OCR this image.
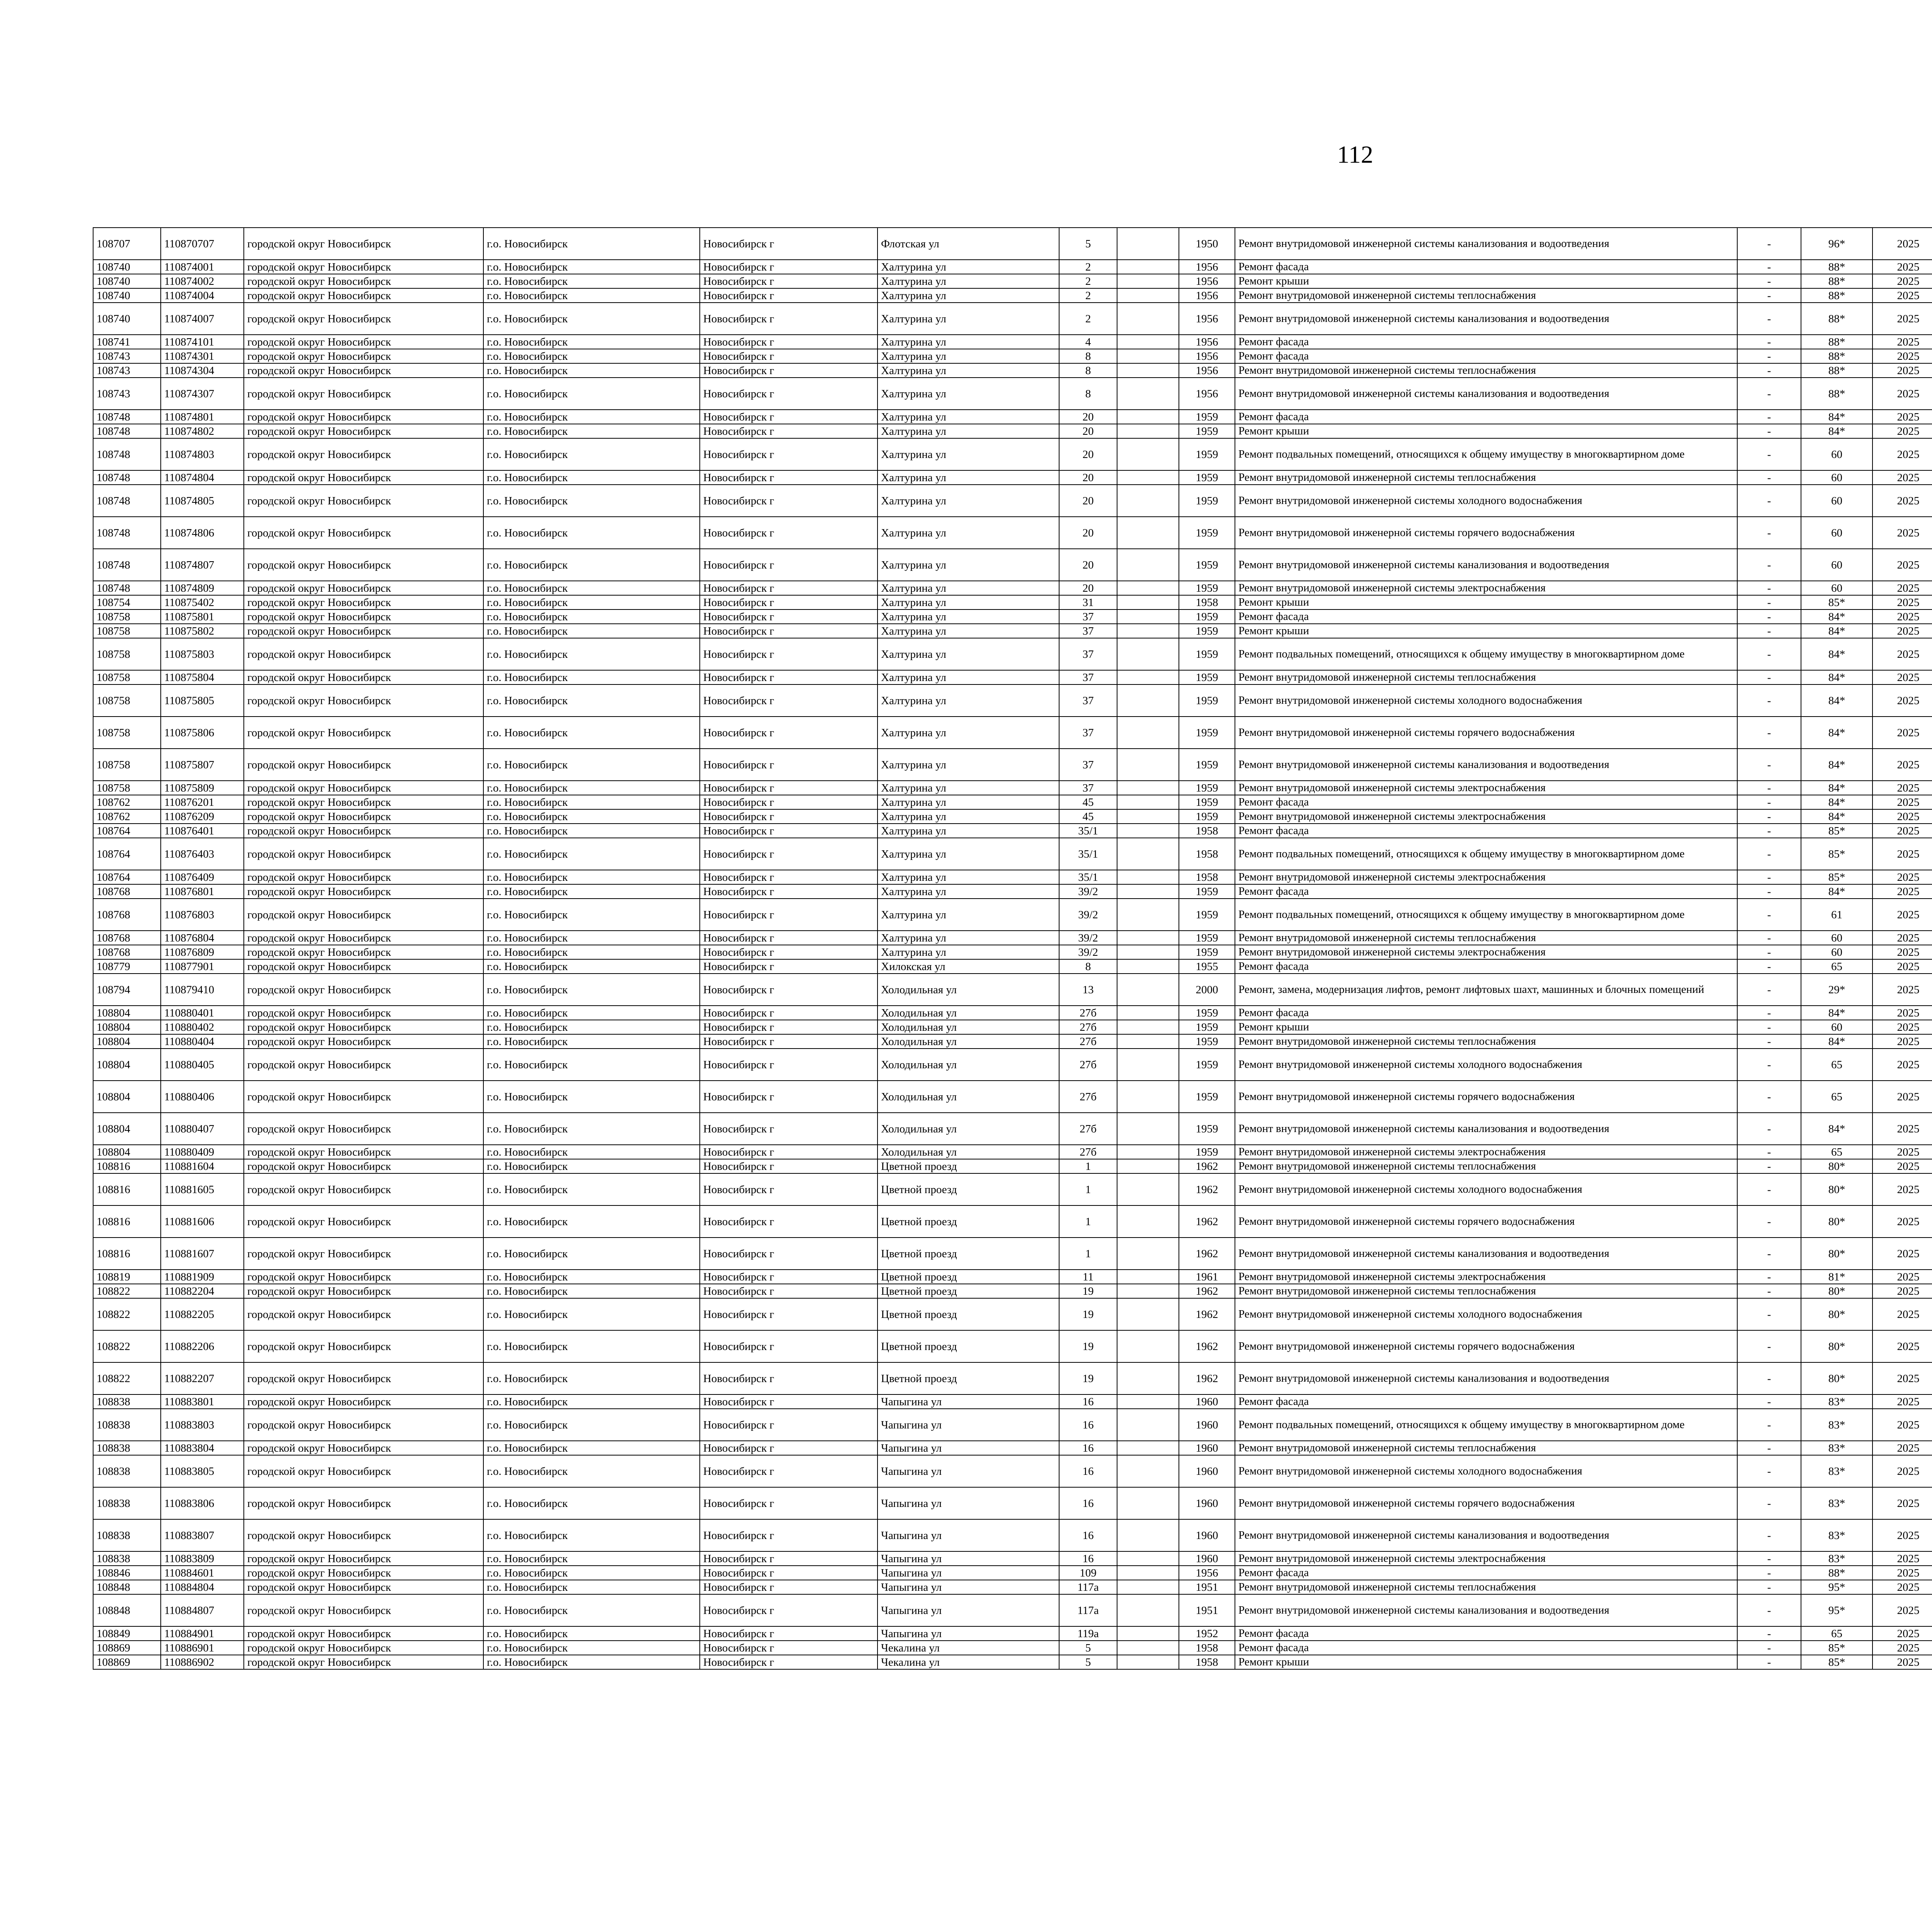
112
108707	110870707	городской округ Новосибирск	г.о. Новосибирск	Новосибирск г	Флотская ул	5		1950	Ремонт внутридомовой инженерной системы канализования и водоотведения	-	96*	2025						
108740	110874001	городской округ Новосибирск	г.о. Новосибирск	Новосибирск г	Халтурина ул	2		1956	Ремонт фасада	-	88*	2025						
108740	110874002	городской округ Новосибирск	г.о. Новосибирск	Новосибирск г	Халтурина ул	2		1956	Ремонт крыши	-	88*	2025						
108740	110874004	городской округ Новосибирск	г.о. Новосибирск	Новосибирск г	Халтурина ул	2		1956	Ремонт внутридомовой инженерной системы теплоснабжения	-	88*	2025						
108740	110874007	городской округ Новосибирск	г.о. Новосибирск	Новосибирск г	Халтурина ул	2		1956	Ремонт внутридомовой инженерной системы канализования и водоотведения	-	88*	2025						
108741	110874101	городской округ Новосибирск	г.о. Новосибирск	Новосибирск г	Халтурина ул	4		1956	Ремонт фасада	-	88*	2025						
108743	110874301	городской округ Новосибирск	г.о. Новосибирск	Новосибирск г	Халтурина ул	8		1956	Ремонт фасада	-	88*	2025						
108743	110874304	городской округ Новосибирск	г.о. Новосибирск	Новосибирск г	Халтурина ул	8		1956	Ремонт внутридомовой инженерной системы теплоснабжения	-	88*	2025						
108743	110874307	городской округ Новосибирск	г.о. Новосибирск	Новосибирск г	Халтурина ул	8		1956	Ремонт внутридомовой инженерной системы канализования и водоотведения	-	88*	2025						
108748	110874801	городской округ Новосибирск	г.о. Новосибирск	Новосибирск г	Халтурина ул	20		1959	Ремонт фасада	-	84*	2025						
108748	110874802	городской округ Новосибирск	г.о. Новосибирск	Новосибирск г	Халтурина ул	20		1959	Ремонт крыши	-	84*	2025						
108748	110874803	городской округ Новосибирск	г.о. Новосибирск	Новосибирск г	Халтурина ул	20		1959	Ремонт подвальных помещений, относящихся к общему имуществу в многоквартирном доме	-	60	2025						
108748	110874804	городской округ Новосибирск	г.о. Новосибирск	Новосибирск г	Халтурина ул	20		1959	Ремонт внутридомовой инженерной системы теплоснабжения	-	60	2025						
108748	110874805	городской округ Новосибирск	г.о. Новосибирск	Новосибирск г	Халтурина ул	20		1959	Ремонт внутридомовой инженерной системы холодного водоснабжения	-	60	2025						
108748	110874806	городской округ Новосибирск	г.о. Новосибирск	Новосибирск г	Халтурина ул	20		1959	Ремонт внутридомовой инженерной системы горячего водоснабжения	-	60	2025						
108748	110874807	городской округ Новосибирск	г.о. Новосибирск	Новосибирск г	Халтурина ул	20		1959	Ремонт внутридомовой инженерной системы канализования и водоотведения	-	60	2025						
108748	110874809	городской округ Новосибирск	г.о. Новосибирск	Новосибирск г	Халтурина ул	20		1959	Ремонт внутридомовой инженерной системы электроснабжения	-	60	2025						
108754	110875402	городской округ Новосибирск	г.о. Новосибирск	Новосибирск г	Халтурина ул	31		1958	Ремонт крыши	-	85*	2025						
108758	110875801	городской округ Новосибирск	г.о. Новосибирск	Новосибирск г	Халтурина ул	37		1959	Ремонт фасада	-	84*	2025						
108758	110875802	городской округ Новосибирск	г.о. Новосибирск	Новосибирск г	Халтурина ул	37		1959	Ремонт крыши	-	84*	2025						
108758	110875803	городской округ Новосибирск	г.о. Новосибирск	Новосибирск г	Халтурина ул	37		1959	Ремонт подвальных помещений, относящихся к общему имуществу в многоквартирном доме	-	84*	2025						
108758	110875804	городской округ Новосибирск	г.о. Новосибирск	Новосибирск г	Халтурина ул	37		1959	Ремонт внутридомовой инженерной системы теплоснабжения	-	84*	2025						
108758	110875805	городской округ Новосибирск	г.о. Новосибирск	Новосибирск г	Халтурина ул	37		1959	Ремонт внутридомовой инженерной системы холодного водоснабжения	-	84*	2025						
108758	110875806	городской округ Новосибирск	г.о. Новосибирск	Новосибирск г	Халтурина ул	37		1959	Ремонт внутридомовой инженерной системы горячего водоснабжения	-	84*	2025						
108758	110875807	городской округ Новосибирск	г.о. Новосибирск	Новосибирск г	Халтурина ул	37		1959	Ремонт внутридомовой инженерной системы канализования и водоотведения	-	84*	2025						
108758	110875809	городской округ Новосибирск	г.о. Новосибирск	Новосибирск г	Халтурина ул	37		1959	Ремонт внутридомовой инженерной системы электроснабжения	-	84*	2025						
108762	110876201	городской округ Новосибирск	г.о. Новосибирск	Новосибирск г	Халтурина ул	45		1959	Ремонт фасада	-	84*	2025						
108762	110876209	городской округ Новосибирск	г.о. Новосибирск	Новосибирск г	Халтурина ул	45		1959	Ремонт внутридомовой инженерной системы электроснабжения	-	84*	2025						
108764	110876401	городской округ Новосибирск	г.о. Новосибирск	Новосибирск г	Халтурина ул	35/1		1958	Ремонт фасада	-	85*	2025						
108764	110876403	городской округ Новосибирск	г.о. Новосибирск	Новосибирск г	Халтурина ул	35/1		1958	Ремонт подвальных помещений, относящихся к общему имуществу в многоквартирном доме	-	85*	2025						
108764	110876409	городской округ Новосибирск	г.о. Новосибирск	Новосибирск г	Халтурина ул	35/1		1958	Ремонт внутридомовой инженерной системы электроснабжения	-	85*	2025						
108768	110876801	городской округ Новосибирск	г.о. Новосибирск	Новосибирск г	Халтурина ул	39/2		1959	Ремонт фасада	-	84*	2025						
108768	110876803	городской округ Новосибирск	г.о. Новосибирск	Новосибирск г	Халтурина ул	39/2		1959	Ремонт подвальных помещений, относящихся к общему имуществу в многоквартирном доме	-	61	2025						
108768	110876804	городской округ Новосибирск	г.о. Новосибирск	Новосибирск г	Халтурина ул	39/2		1959	Ремонт внутридомовой инженерной системы теплоснабжения	-	60	2025						
108768	110876809	городской округ Новосибирск	г.о. Новосибирск	Новосибирск г	Халтурина ул	39/2		1959	Ремонт внутридомовой инженерной системы электроснабжения	-	60	2025						
108779	110877901	городской округ Новосибирск	г.о. Новосибирск	Новосибирск г	Хилокская ул	8		1955	Ремонт фасада	-	65	2025						
108794	110879410	городской округ Новосибирск	г.о. Новосибирск	Новосибирск г	Холодильная ул	13		2000	Ремонт, замена, модернизация лифтов, ремонт лифтовых шахт, машинных и блочных помещений	-	29*	2025						
108804	110880401	городской округ Новосибирск	г.о. Новосибирск	Новосибирск г	Холодильная ул	27б		1959	Ремонт фасада	-	84*	2025						
108804	110880402	городской округ Новосибирск	г.о. Новосибирск	Новосибирск г	Холодильная ул	27б		1959	Ремонт крыши	-	60	2025						
108804	110880404	городской округ Новосибирск	г.о. Новосибирск	Новосибирск г	Холодильная ул	27б		1959	Ремонт внутридомовой инженерной системы теплоснабжения	-	84*	2025						
108804	110880405	городской округ Новосибирск	г.о. Новосибирск	Новосибирск г	Холодильная ул	27б		1959	Ремонт внутридомовой инженерной системы холодного водоснабжения	-	65	2025						
108804	110880406	городской округ Новосибирск	г.о. Новосибирск	Новосибирск г	Холодильная ул	27б		1959	Ремонт внутридомовой инженерной системы горячего водоснабжения	-	65	2025						
108804	110880407	городской округ Новосибирск	г.о. Новосибирск	Новосибирск г	Холодильная ул	27б		1959	Ремонт внутридомовой инженерной системы канализования и водоотведения	-	84*	2025						
108804	110880409	городской округ Новосибирск	г.о. Новосибирск	Новосибирск г	Холодильная ул	27б		1959	Ремонт внутридомовой инженерной системы электроснабжения	-	65	2025						
108816	110881604	городской округ Новосибирск	г.о. Новосибирск	Новосибирск г	Цветной проезд	1		1962	Ремонт внутридомовой инженерной системы теплоснабжения	-	80*	2025						
108816	110881605	городской округ Новосибирск	г.о. Новосибирск	Новосибирск г	Цветной проезд	1		1962	Ремонт внутридомовой инженерной системы холодного водоснабжения	-	80*	2025						
108816	110881606	городской округ Новосибирск	г.о. Новосибирск	Новосибирск г	Цветной проезд	1		1962	Ремонт внутридомовой инженерной системы горячего водоснабжения	-	80*	2025						
108816	110881607	городской округ Новосибирск	г.о. Новосибирск	Новосибирск г	Цветной проезд	1		1962	Ремонт внутридомовой инженерной системы канализования и водоотведения	-	80*	2025						
108819	110881909	городской округ Новосибирск	г.о. Новосибирск	Новосибирск г	Цветной проезд	11		1961	Ремонт внутридомовой инженерной системы электроснабжения	-	81*	2025						
108822	110882204	городской округ Новосибирск	г.о. Новосибирск	Новосибирск г	Цветной проезд	19		1962	Ремонт внутридомовой инженерной системы теплоснабжения	-	80*	2025						
108822	110882205	городской округ Новосибирск	г.о. Новосибирск	Новосибирск г	Цветной проезд	19		1962	Ремонт внутридомовой инженерной системы холодного водоснабжения	-	80*	2025						
108822	110882206	городской округ Новосибирск	г.о. Новосибирск	Новосибирск г	Цветной проезд	19		1962	Ремонт внутридомовой инженерной системы горячего водоснабжения	-	80*	2025						
108822	110882207	городской округ Новосибирск	г.о. Новосибирск	Новосибирск г	Цветной проезд	19		1962	Ремонт внутридомовой инженерной системы канализования и водоотведения	-	80*	2025						
108838	110883801	городской округ Новосибирск	г.о. Новосибирск	Новосибирск г	Чапыгина ул	16		1960	Ремонт фасада	-	83*	2025						
108838	110883803	городской округ Новосибирск	г.о. Новосибирск	Новосибирск г	Чапыгина ул	16		1960	Ремонт подвальных помещений, относящихся к общему имуществу в многоквартирном доме	-	83*	2025						
108838	110883804	городской округ Новосибирск	г.о. Новосибирск	Новосибирск г	Чапыгина ул	16		1960	Ремонт внутридомовой инженерной системы теплоснабжения	-	83*	2025						
108838	110883805	городской округ Новосибирск	г.о. Новосибирск	Новосибирск г	Чапыгина ул	16		1960	Ремонт внутридомовой инженерной системы холодного водоснабжения	-	83*	2025						
108838	110883806	городской округ Новосибирск	г.о. Новосибирск	Новосибирск г	Чапыгина ул	16		1960	Ремонт внутридомовой инженерной системы горячего водоснабжения	-	83*	2025						
108838	110883807	городской округ Новосибирск	г.о. Новосибирск	Новосибирск г	Чапыгина ул	16		1960	Ремонт внутридомовой инженерной системы канализования и водоотведения	-	83*	2025						
108838	110883809	городской округ Новосибирск	г.о. Новосибирск	Новосибирск г	Чапыгина ул	16		1960	Ремонт внутридомовой инженерной системы электроснабжения	-	83*	2025						
108846	110884601	городской округ Новосибирск	г.о. Новосибирск	Новосибирск г	Чапыгина ул	109		1956	Ремонт фасада	-	88*	2025						
108848	110884804	городской округ Новосибирск	г.о. Новосибирск	Новосибирск г	Чапыгина ул	117а		1951	Ремонт внутридомовой инженерной системы теплоснабжения	-	95*	2025						
108848	110884807	городской округ Новосибирск	г.о. Новосибирск	Новосибирск г	Чапыгина ул	117а		1951	Ремонт внутридомовой инженерной системы канализования и водоотведения	-	95*	2025						
108849	110884901	городской округ Новосибирск	г.о. Новосибирск	Новосибирск г	Чапыгина ул	119а		1952	Ремонт фасада	-	65	2025						
108869	110886901	городской округ Новосибирск	г.о. Новосибирск	Новосибирск г	Чекалина ул	5		1958	Ремонт фасада	-	85*	2025						
108869	110886902	городской округ Новосибирск	г.о. Новосибирск	Новосибирск г	Чекалина ул	5		1958	Ремонт крыши	-	85*	2025						
